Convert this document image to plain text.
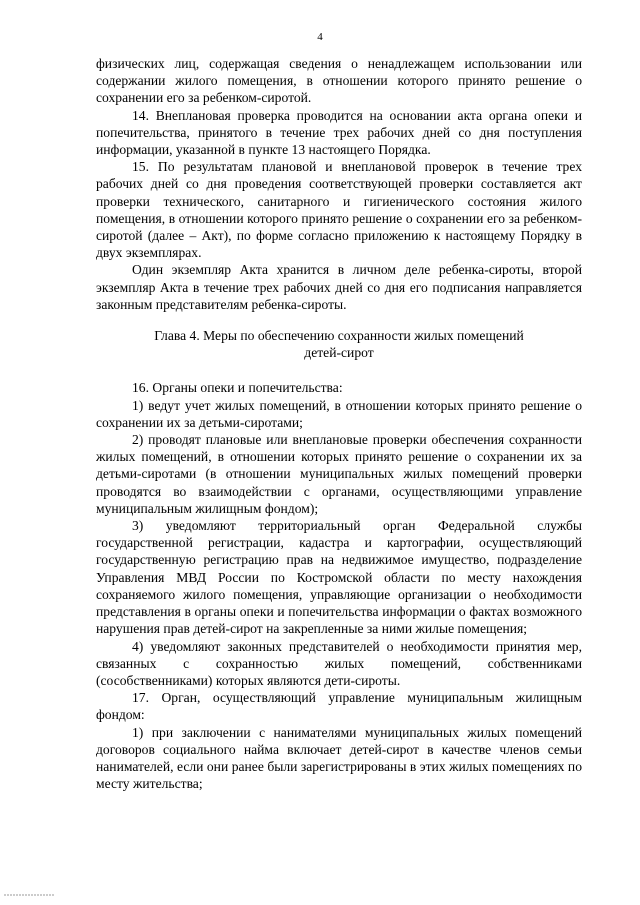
4

физических лиц, содержащая сведения о ненадлежащем использовании или содержании жилого помещения, в отношении которого принято решение о сохранении его за ребенком-сиротой.

14. Внеплановая проверка проводится на основании акта органа опеки и попечительства, принятого в течение трех рабочих дней со дня поступления информации, указанной в пункте 13 настоящего Порядка.

15. По результатам плановой и внеплановой проверок в течение трех рабочих дней со дня проведения соответствующей проверки составляется акт проверки технического, санитарного и гигиенического состояния жилого помещения, в отношении которого принято решение о сохранении его за ребенком-сиротой (далее – Акт), по форме согласно приложению к настоящему Порядку в двух экземплярах.

Один экземпляр Акта хранится в личном деле ребенка-сироты, второй экземпляр Акта в течение трех рабочих дней со дня его подписания направляется законным представителям ребенка-сироты.

Глава 4. Меры по обеспечению сохранности жилых помещений
детей-сирот

16. Органы опеки и попечительства:

1) ведут учет жилых помещений, в отношении которых принято решение о сохранении их за детьми-сиротами;

2) проводят плановые или внеплановые проверки обеспечения сохранности жилых помещений, в отношении которых принято решение о сохранении их за детьми-сиротами (в отношении муниципальных жилых помещений проверки проводятся во взаимодействии с органами, осуществляющими управление муниципальным жилищным фондом);

3) уведомляют территориальный орган Федеральной службы государственной регистрации, кадастра и картографии, осуществляющий государственную регистрацию прав на недвижимое имущество, подразделение Управления МВД России по Костромской области по месту нахождения сохраняемого жилого помещения, управляющие организации о необходимости представления в органы опеки и попечительства информации о фактах возможного нарушения прав детей-сирот на закрепленные за ними жилые помещения;

4) уведомляют законных представителей о необходимости принятия мер, связанных с сохранностью жилых помещений, собственниками (сособственниками) которых являются дети-сироты.

17. Орган, осуществляющий управление муниципальным жилищным фондом:

1) при заключении с нанимателями муниципальных жилых помещений договоров социального найма включает детей-сирот в качестве членов семьи нанимателей, если они ранее были зарегистрированы в этих жилых помещениях по месту жительства;
